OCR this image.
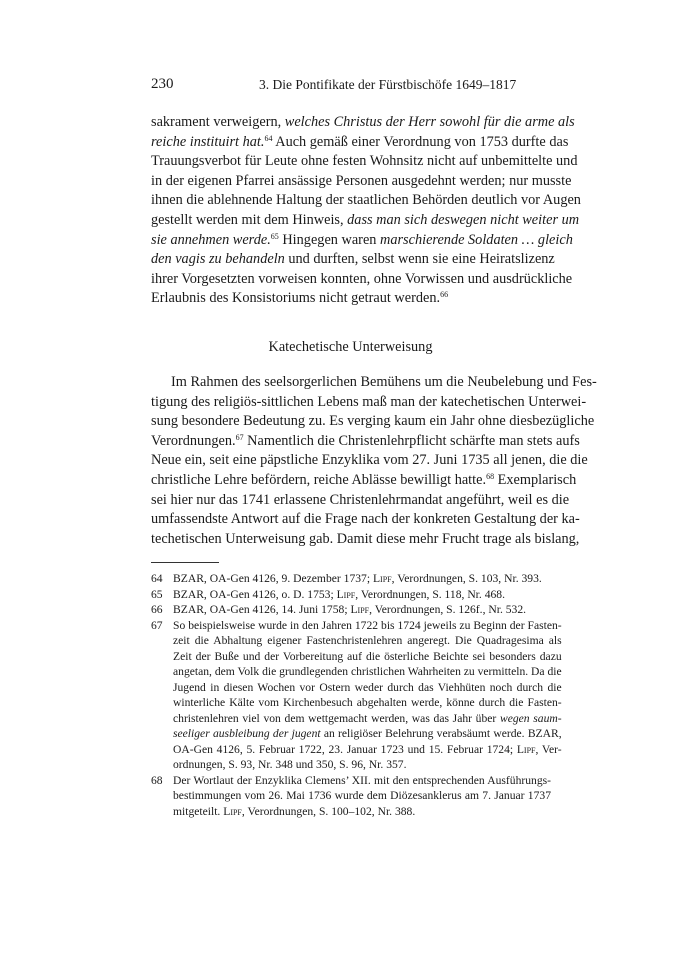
230	3. Die Pontifikate der Fürstbischöfe 1649–1817

sakrament verweigern, welches Christus der Herr sowohl für die arme als
reiche instituirt hat.$^{64}$ Auch gemäß einer Verordnung von 1753 durfte das
Trauungsverbot für Leute ohne festen Wohnsitz nicht auf unbemittelte und
in der eigenen Pfarrei ansässige Personen ausgedehnt werden; nur musste
ihnen die ablehnende Haltung der staatlichen Behörden deutlich vor Augen
gestellt werden mit dem Hinweis, dass man sich deswegen nicht weiter um
sie annehmen werde.$^{65}$ Hingegen waren marschierende Soldaten … gleich
den vagis zu behandeln und durften, selbst wenn sie eine Heiratslizenz
ihrer Vorgesetzten vorweisen konnten, ohne Vorwissen und ausdrückliche
Erlaubnis des Konsistoriums nicht getraut werden.$^{66}$

Katechetische Unterweisung

Im Rahmen des seelsorgerlichen Bemühens um die Neubelebung und Fes-
tigung des religiös-sittlichen Lebens maß man der katechetischen Unterwei-
sung besondere Bedeutung zu. Es verging kaum ein Jahr ohne diesbezügliche
Verordnungen.$^{67}$ Namentlich die Christenlehrpflicht schärfte man stets aufs
Neue ein, seit eine päpstliche Enzyklika vom 27. Juni 1735 all jenen, die die
christliche Lehre befördern, reiche Ablässe bewilligt hatte.$^{68}$ Exemplarisch
sei hier nur das 1741 erlassene Christenlehrmandat angeführt, weil es die
umfassendste Antwort auf die Frage nach der konkreten Gestaltung der ka-
techetischen Unterweisung gab. Damit diese mehr Frucht trage als bislang,

64 BZAR, OA-Gen 4126, 9. Dezember 1737; Lipf, Verordnungen, S. 103, Nr. 393.
65 BZAR, OA-Gen 4126, o. D. 1753; Lipf, Verordnungen, S. 118, Nr. 468.
66 BZAR, OA-Gen 4126, 14. Juni 1758; Lipf, Verordnungen, S. 126f., Nr. 532.
67 So beispielsweise wurde in den Jahren 1722 bis 1724 jeweils zu Beginn der Fasten-
zeit die Abhaltung eigener Fastenchristenlehren angeregt. Die Quadragesima als
Zeit der Buße und der Vorbereitung auf die österliche Beichte sei besonders dazu
angetan, dem Volk die grundlegenden christlichen Wahrheiten zu vermitteln. Da die
Jugend in diesen Wochen vor Ostern weder durch das Viehhüten noch durch die
winterliche Kälte vom Kirchenbesuch abgehalten werde, könne durch die Fasten-
christenlehren viel von dem wettgemacht werden, was das Jahr über wegen saum-
seeliger ausbleibung der jugent an religiöser Belehrung verabsäumt werde. BZAR,
OA-Gen 4126, 5. Februar 1722, 23. Januar 1723 und 15. Februar 1724; Lipf, Ver-
ordnungen, S. 93, Nr. 348 und 350, S. 96, Nr. 357.
68 Der Wortlaut der Enzyklika Clemens’ XII. mit den entsprechenden Ausführungs-
bestimmungen vom 26. Mai 1736 wurde dem Diözesanklerus am 7. Januar 1737
mitgeteilt. Lipf, Verordnungen, S. 100–102, Nr. 388.
